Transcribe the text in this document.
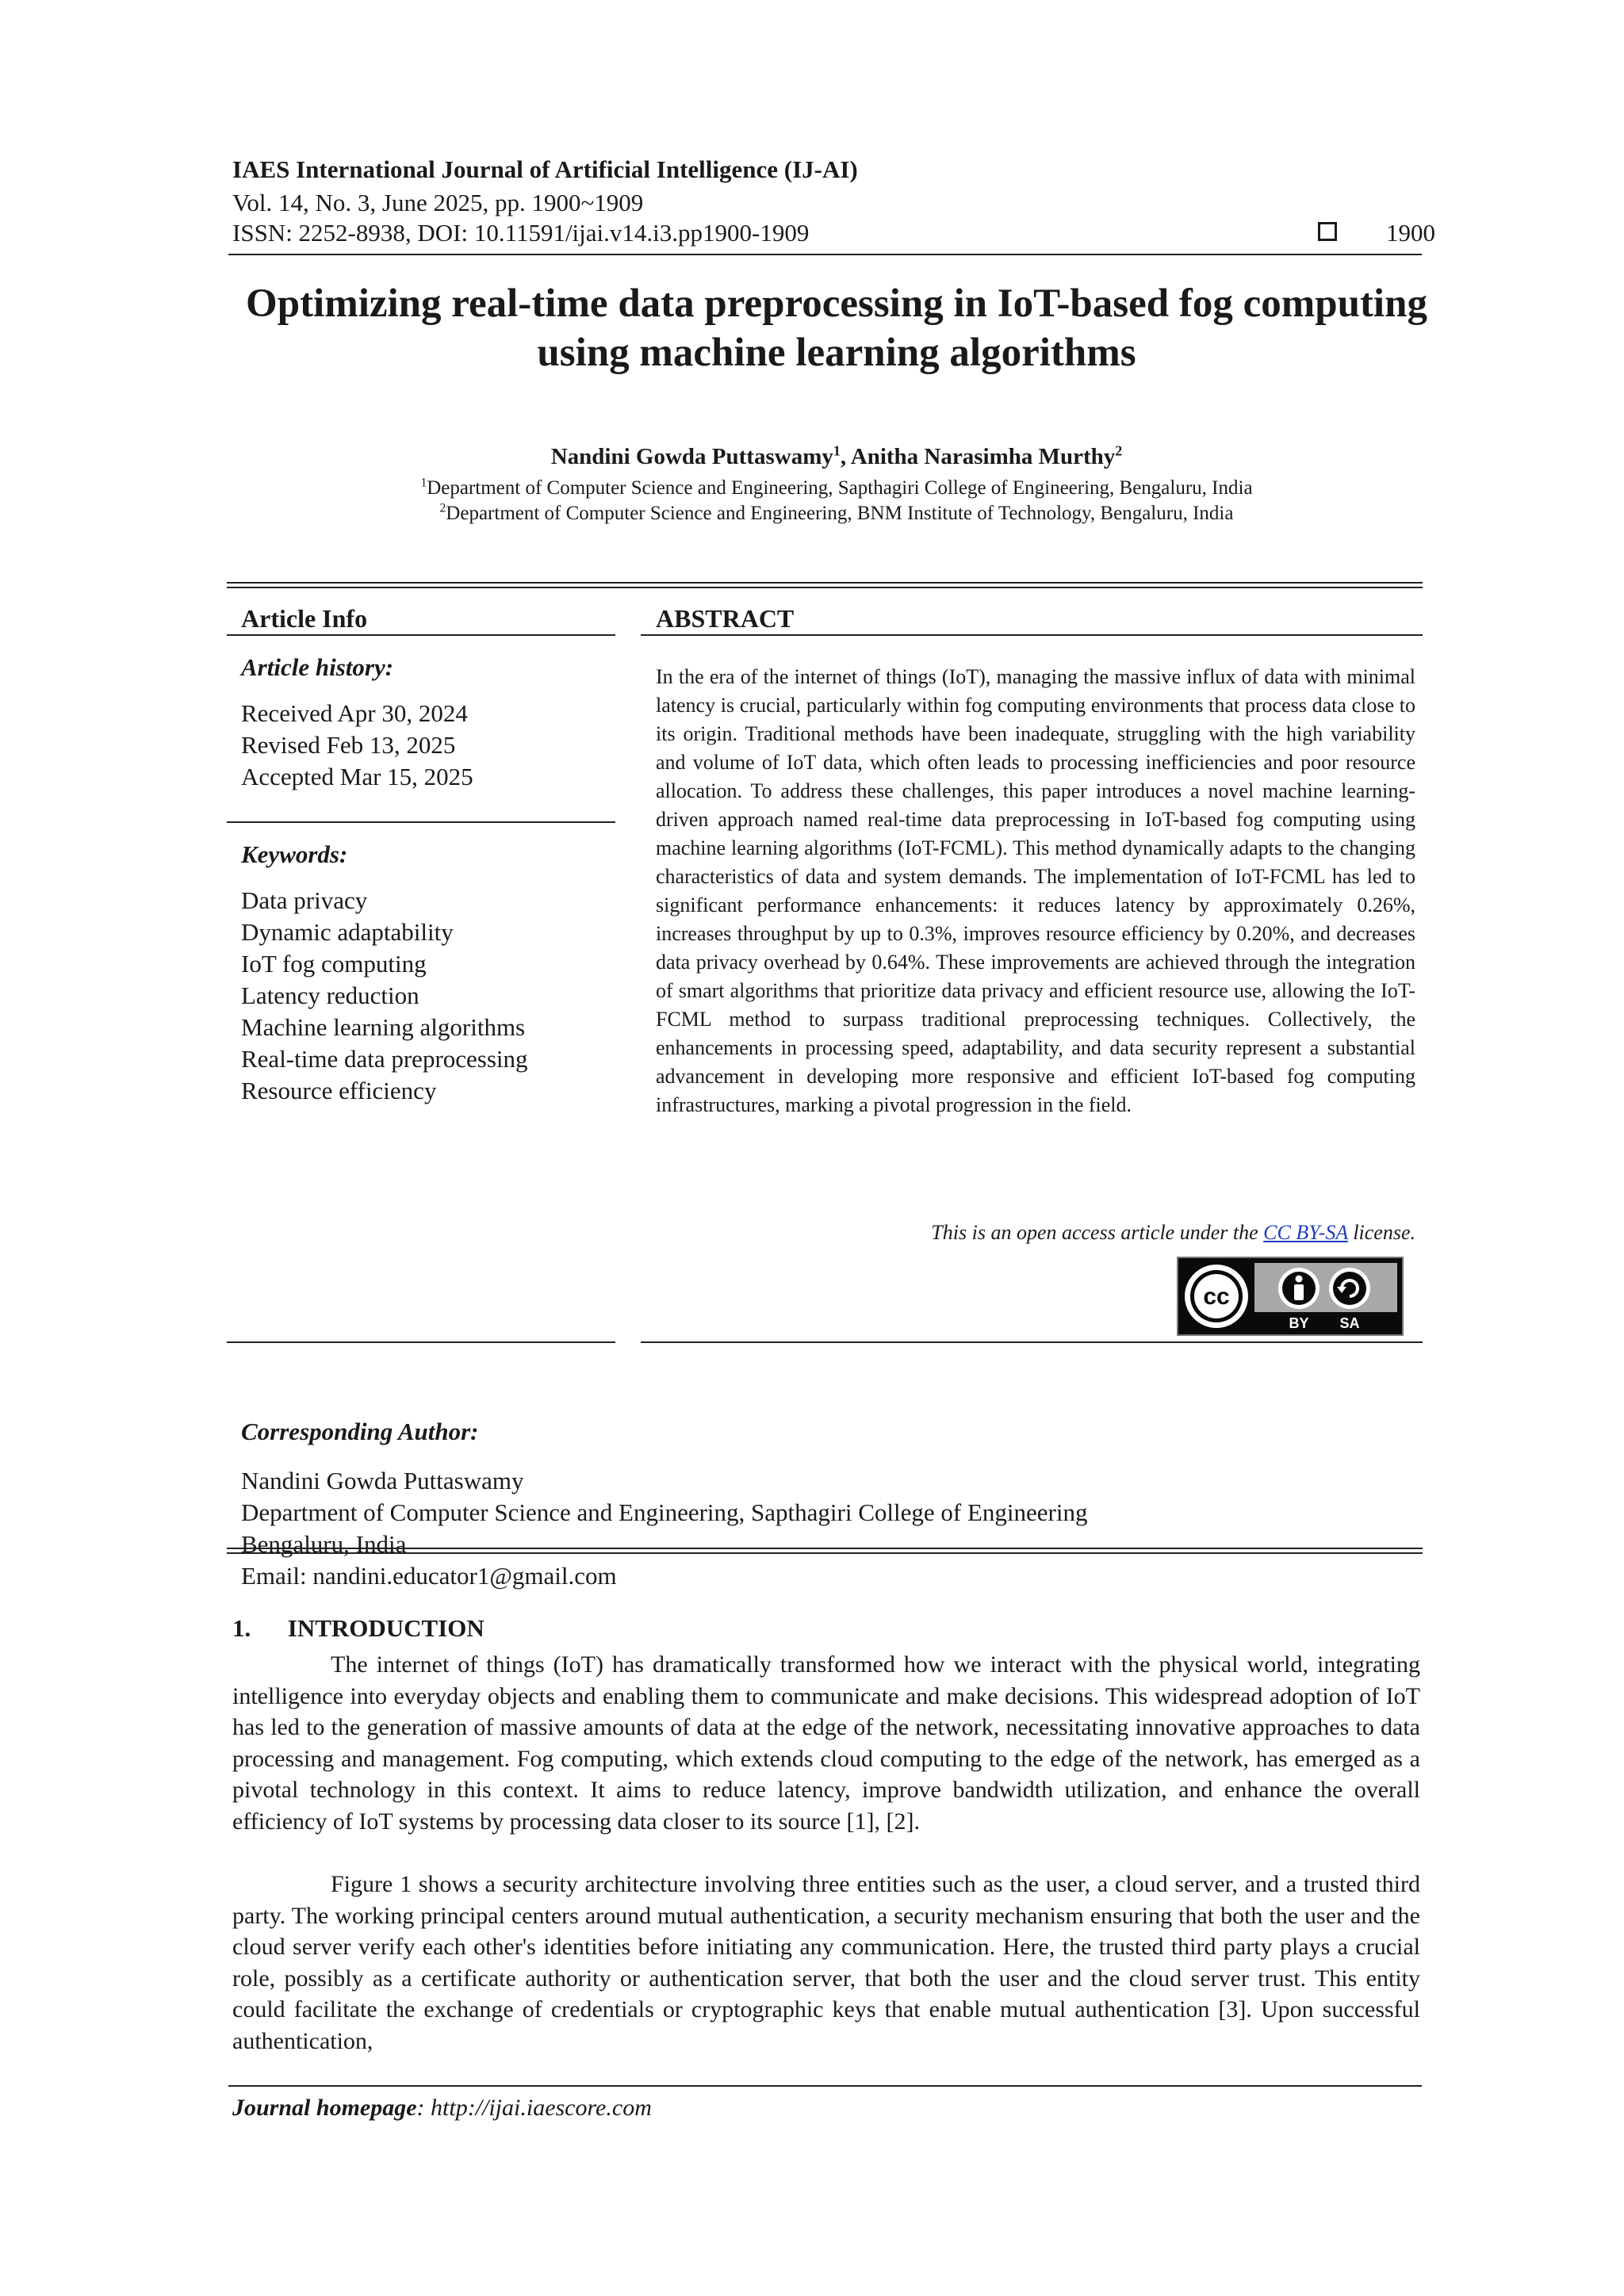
IAES International Journal of Artificial Intelligence (IJ-AI)
Vol. 14, No. 3, June 2025, pp. 1900~1909
ISSN: 2252-8938, DOI: 10.11591/ijai.v14.i3.pp1900-1909	1900
Optimizing real-time data preprocessing in IoT-based fog computing using machine learning algorithms
Nandini Gowda Puttaswamy$^1$, Anitha Narasimha Murthy$^2$
$^1$Department of Computer Science and Engineering, Sapthagiri College of Engineering, Bengaluru, India
$^2$Department of Computer Science and Engineering, BNM Institute of Technology, Bengaluru, India
Article Info
Article history:
Received Apr 30, 2024
Revised Feb 13, 2025
Accepted Mar 15, 2025
Keywords:
Data privacy
Dynamic adaptability
IoT fog computing
Latency reduction
Machine learning algorithms
Real-time data preprocessing
Resource efficiency
ABSTRACT

In the era of the internet of things (IoT), managing the massive influx of data with minimal latency is crucial, particularly within fog computing environments that process data close to its origin. Traditional methods have been inadequate, struggling with the high variability and volume of IoT data, which often leads to processing inefficiencies and poor resource allocation. To address these challenges, this paper introduces a novel machine learning-driven approach named real-time data preprocessing in IoT-based fog computing using machine learning algorithms (IoT-FCML). This method dynamically adapts to the changing characteristics of data and system demands. The implementation of IoT-FCML has led to significant performance enhancements: it reduces latency by approximately 0.26%, increases throughput by up to 0.3%, improves resource efficiency by 0.20%, and decreases data privacy overhead by 0.64%. These improvements are achieved through the integration of smart algorithms that prioritize data privacy and efficient resource use, allowing the IoT-FCML method to surpass traditional preprocessing techniques. Collectively, the enhancements in processing speed, adaptability, and data security represent a substantial advancement in developing more responsive and efficient IoT-based fog computing infrastructures, marking a pivotal progression in the field.

This is an open access article under the CC BY-SA license.
cc
BY SA
Corresponding Author:
Nandini Gowda Puttaswamy
Department of Computer Science and Engineering, Sapthagiri College of Engineering
Bengaluru, India
Email: nandini.educator1@gmail.com
1.      INTRODUCTION

The internet of things (IoT) has dramatically transformed how we interact with the physical world, integrating intelligence into everyday objects and enabling them to communicate and make decisions. This widespread adoption of IoT has led to the generation of massive amounts of data at the edge of the network, necessitating innovative approaches to data processing and management. Fog computing, which extends cloud computing to the edge of the network, has emerged as a pivotal technology in this context. It aims to reduce latency, improve bandwidth utilization, and enhance the overall efficiency of IoT systems by processing data closer to its source [1], [2].

Figure 1 shows a security architecture involving three entities such as the user, a cloud server, and a trusted third party. The working principal centers around mutual authentication, a security mechanism ensuring that both the user and the cloud server verify each other's identities before initiating any communication. Here, the trusted third party plays a crucial role, possibly as a certificate authority or authentication server, that both the user and the cloud server trust. This entity could facilitate the exchange of credentials or cryptographic keys that enable mutual authentication [3]. Upon successful authentication,

Journal homepage: http://ijai.iaescore.com
